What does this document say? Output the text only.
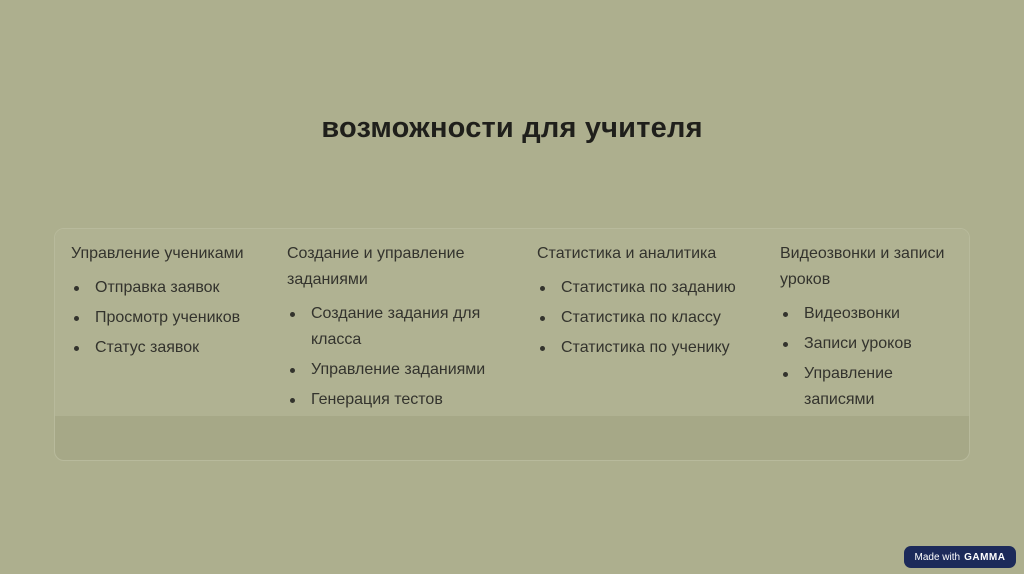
возможности для учителя
Управление учениками
Отправка заявок
Просмотр учеников
Статус заявок
Создание и управление заданиями
Создание задания для класса
Управление заданиями
Генерация тестов
Статистика и аналитика
Статистика по заданию
Статистика по классу
Статистика по ученику
Видеозвонки и записи уроков
Видеозвонки
Записи уроков
Управление записями
Made with GAMMA
